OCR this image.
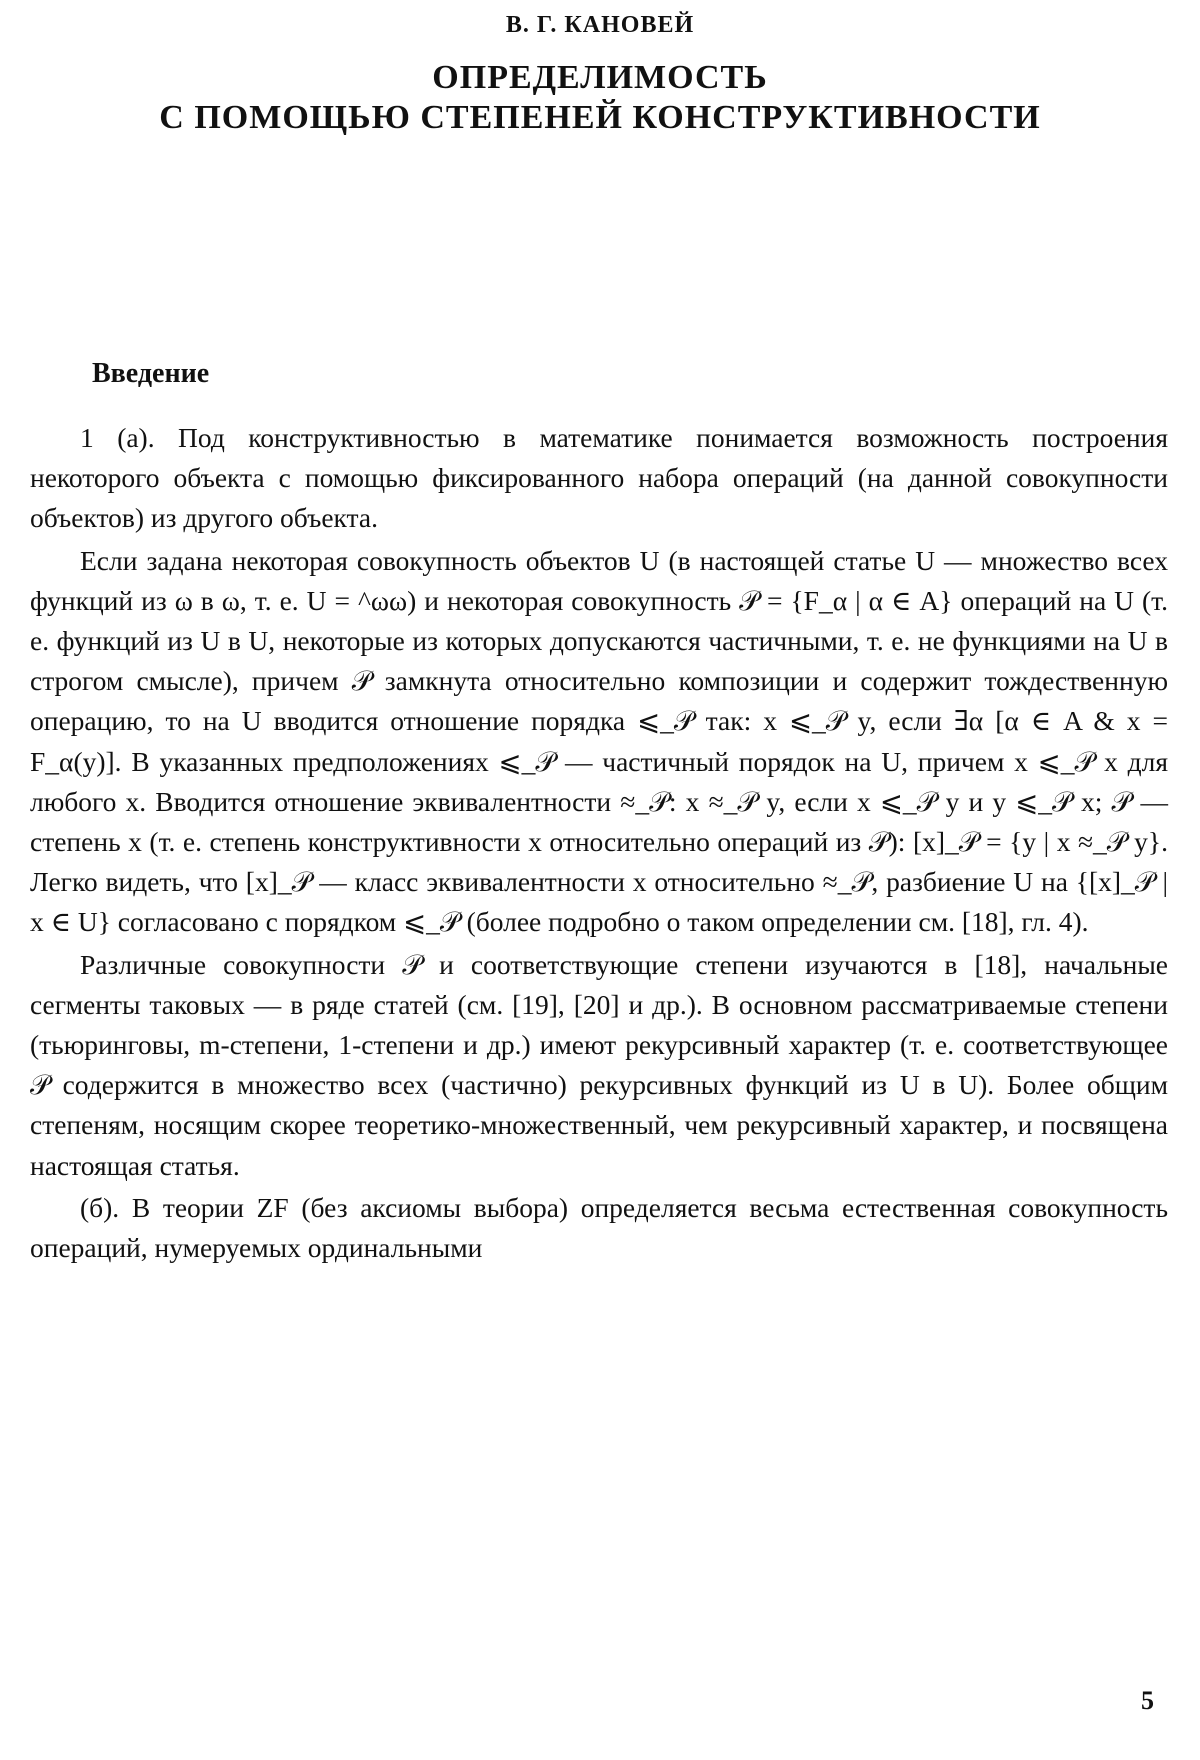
В. Г. КАНОВЕЙ
ОПРЕДЕЛИМОСТЬ
С ПОМОЩЬЮ СТЕПЕНЕЙ КОНСТРУКТИВНОСТИ
Введение

1 (а). Под конструктивностью в математике понимается возможность построения некоторого объекта с помощью фиксированного набора операций (на данной совокупности объектов) из другого объекта.

Если задана некоторая совокупность объектов U (в настоящей статье U — множество всех функций из ω в ω, т. е. U = ^ωω) и некоторая совокупность 𝒫 = {F_α | α ∈ A} операций на U (т. е. функций из U в U, некоторые из которых допускаются частичными, т. е. не функциями на U в строгом смысле), причем 𝒫 замкнута относительно композиции и содержит тождественную операцию, то на U вводится отношение порядка ⩽_𝒫 так: x ⩽_𝒫 y, если ∃α [α ∈ A & x = F_α(y)]. В указанных предположениях ⩽_𝒫 — частичный порядок на U, причем x ⩽_𝒫 x для любого x. Вводится отношение эквивалентности ≈_𝒫: x ≈_𝒫 y, если x ⩽_𝒫 y и y ⩽_𝒫 x; 𝒫 — степень x (т. е. степень конструктивности x относительно операций из 𝒫): [x]_𝒫 = {y | x ≈_𝒫 y}. Легко видеть, что [x]_𝒫 — класс эквивалентности x относительно ≈_𝒫, разбиение U на {[x]_𝒫 | x ∈ U} согласовано с порядком ⩽_𝒫 (более подробно о таком определении см. [18], гл. 4).

Различные совокупности 𝒫 и соответствующие степени изучаются в [18], начальные сегменты таковых — в ряде статей (см. [19], [20] и др.). В основном рассматриваемые степени (тьюринговы, m-степени, 1-степени и др.) имеют рекурсивный характер (т. е. соответствующее 𝒫 содержится в множество всех (частично) рекурсивных функций из U в U). Более общим степеням, носящим скорее теоретико-множественный, чем рекурсивный характер, и посвящена настоящая статья.

(б). В теории ZF (без аксиомы выбора) определяется весьма естественная совокупность операций, нумеруемых ординальными

5
